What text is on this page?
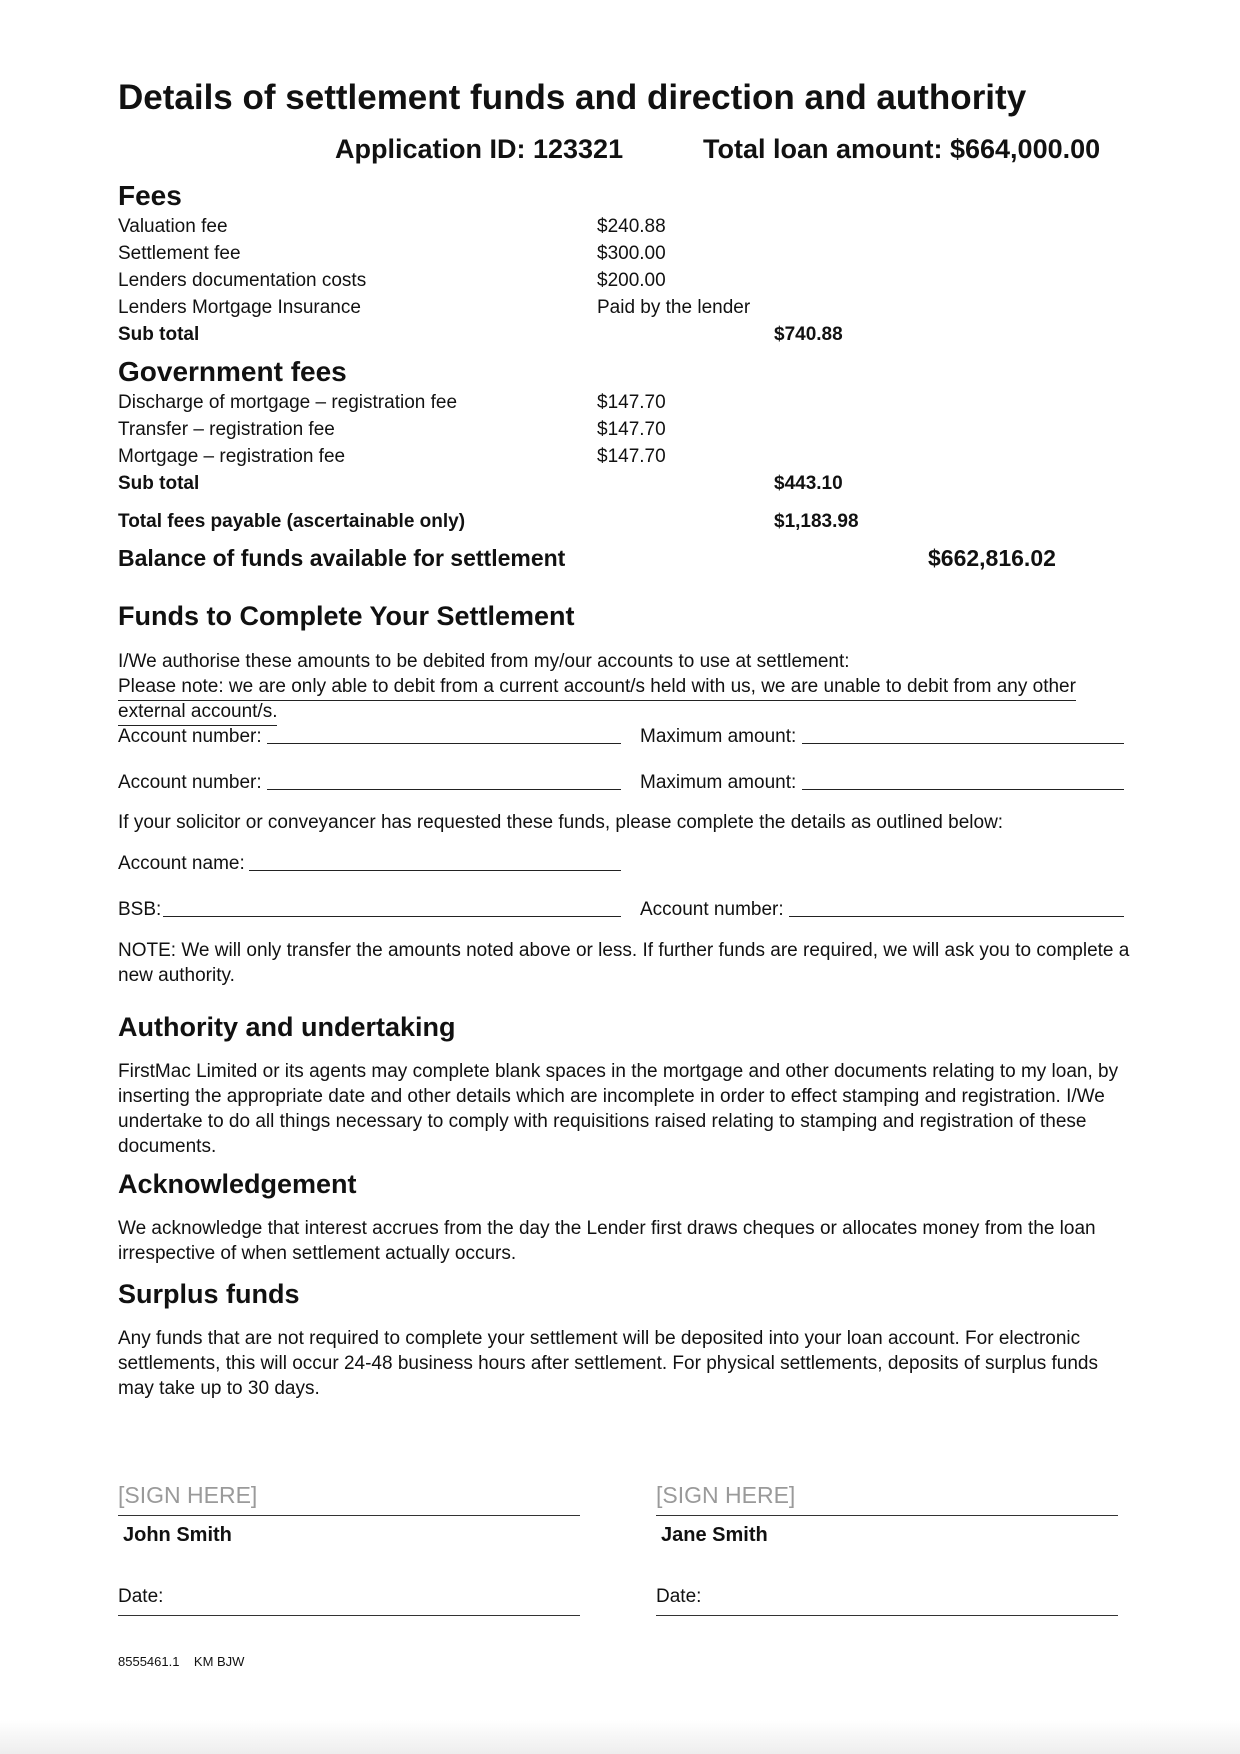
Details of settlement funds and direction and authority
Application ID: 123321	Total loan amount: $664,000.00
Fees
Valuation fee	$240.88
Settlement fee	$300.00
Lenders documentation costs	$200.00
Lenders Mortgage Insurance	Paid by the lender
Sub total	$740.88
Government fees
Discharge of mortgage – registration fee	$147.70
Transfer – registration fee	$147.70
Mortgage – registration fee	$147.70
Sub total	$443.10
Total fees payable (ascertainable only)	$1,183.98
Balance of funds available for settlement	$662,816.02
Funds to Complete Your Settlement
I/We authorise these amounts to be debited from my/our accounts to use at settlement:
Please note: we are only able to debit from a current account/s held with us, we are unable to debit from any other
external account/s.
Account number:	Maximum amount:
Account number:	Maximum amount:
If your solicitor or conveyancer has requested these funds, please complete the details as outlined below:
Account name:
BSB:	Account number:
NOTE: We will only transfer the amounts noted above or less. If further funds are required, we will ask you to complete a new authority.
Authority and undertaking
FirstMac Limited or its agents may complete blank spaces in the mortgage and other documents relating to my loan, by inserting the appropriate date and other details which are incomplete in order to effect stamping and registration. I/We undertake to do all things necessary to comply with requisitions raised relating to stamping and registration of these documents.
Acknowledgement
We acknowledge that interest accrues from the day the Lender first draws cheques or allocates money from the loan irrespective of when settlement actually occurs.
Surplus funds
Any funds that are not required to complete your settlement will be deposited into your loan account. For electronic settlements, this will occur 24-48 business hours after settlement. For physical settlements, deposits of surplus funds may take up to 30 days.
[SIGN HERE]
John Smith
[SIGN HERE]
Jane Smith
Date:	Date:
8555461.1    KM BJW
